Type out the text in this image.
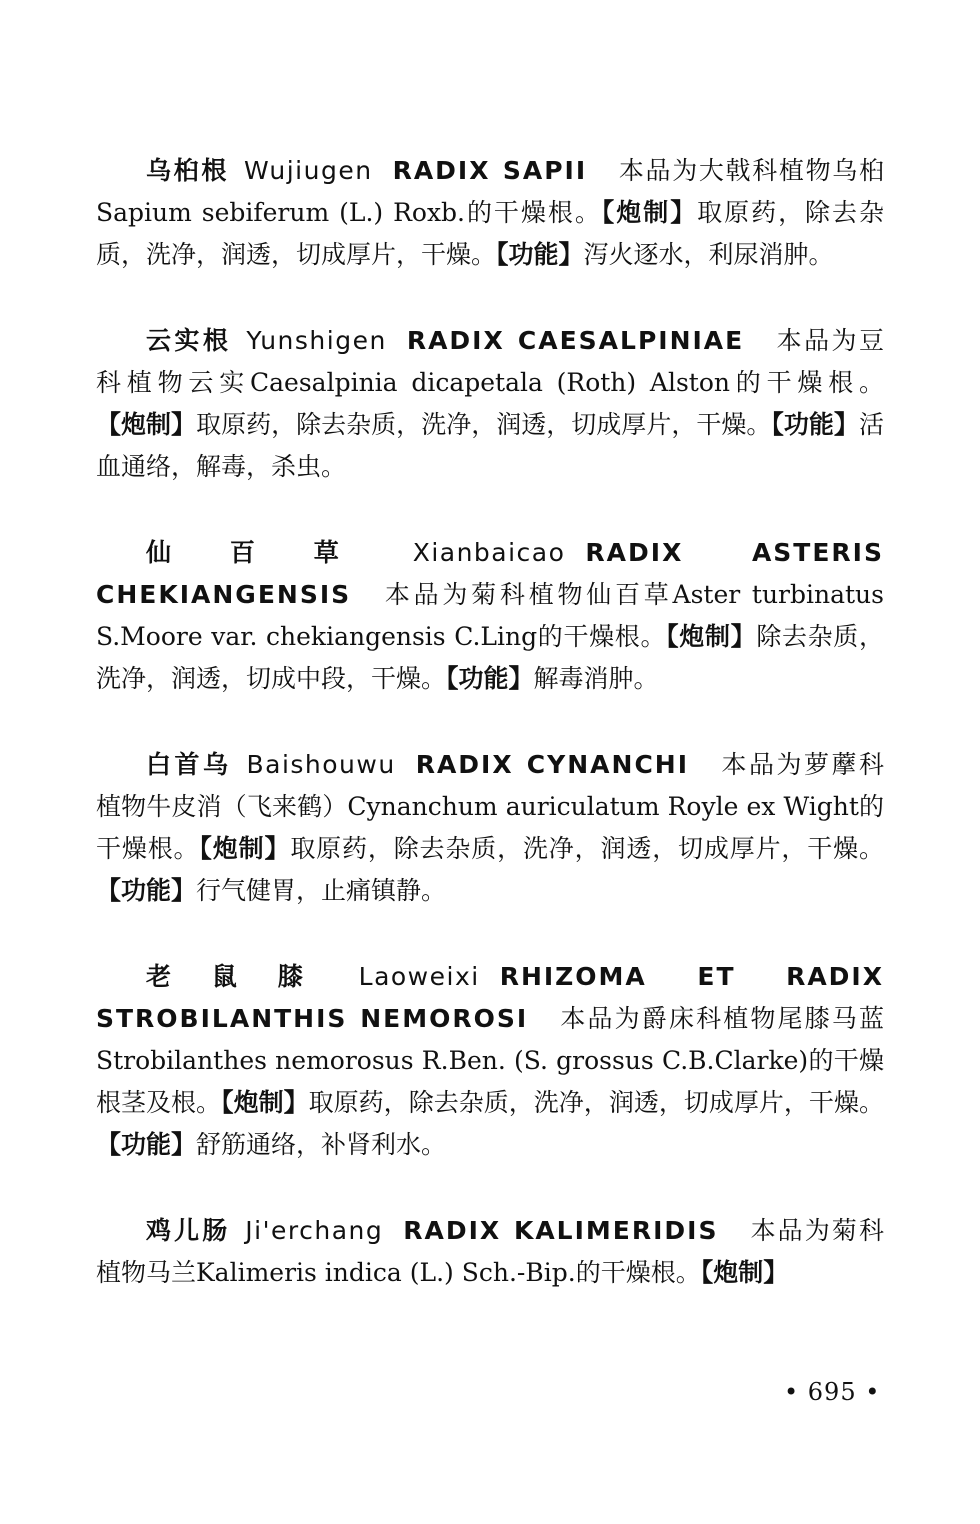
乌桕根 Wujiugen RADIX SAPII 本品为大戟科植物乌桕Sapium sebiferum (L.) Roxb.的干燥根。【炮制】取原药，除去杂质，洗净，润透，切成厚片，干燥。【功能】泻火逐水，利尿消肿。

云实根 Yunshigen RADIX CAESALPINIAE 本品为豆科植物云实Caesalpinia dicapetala (Roth) Alston的干燥根。【炮制】取原药，除去杂质，洗净，润透，切成厚片，干燥。【功能】活血通络，解毒，杀虫。

仙百草 Xianbaicao RADIX ASTERIS CHEKIANGENSIS 本品为菊科植物仙百草Aster turbinatus S.Moore var. chekiangensis C.Ling的干燥根。【炮制】除去杂质，洗净，润透，切成中段，干燥。【功能】解毒消肿。

白首乌 Baishouwu RADIX CYNANCHI 本品为萝藦科植物牛皮消（飞来鹤）Cynanchum auriculatum Royle ex Wight的干燥根。【炮制】取原药，除去杂质，洗净，润透，切成厚片，干燥。【功能】行气健胃，止痛镇静。

老鼠膝 Laoweixi RHIZOMA ET RADIX STROBILANTHIS NEMOROSI 本品为爵床科植物尾膝马蓝Strobilanthes nemorosus R.Ben. (S. grossus C.B.Clarke)的干燥根茎及根。【炮制】取原药，除去杂质，洗净，润透，切成厚片，干燥。【功能】舒筋通络，补肾利水。

鸡儿肠 Ji'erchang RADIX KALIMERIDIS 本品为菊科植物马兰Kalimeris indica (L.) Sch.-Bip.的干燥根。【炮制】

• 695 •
